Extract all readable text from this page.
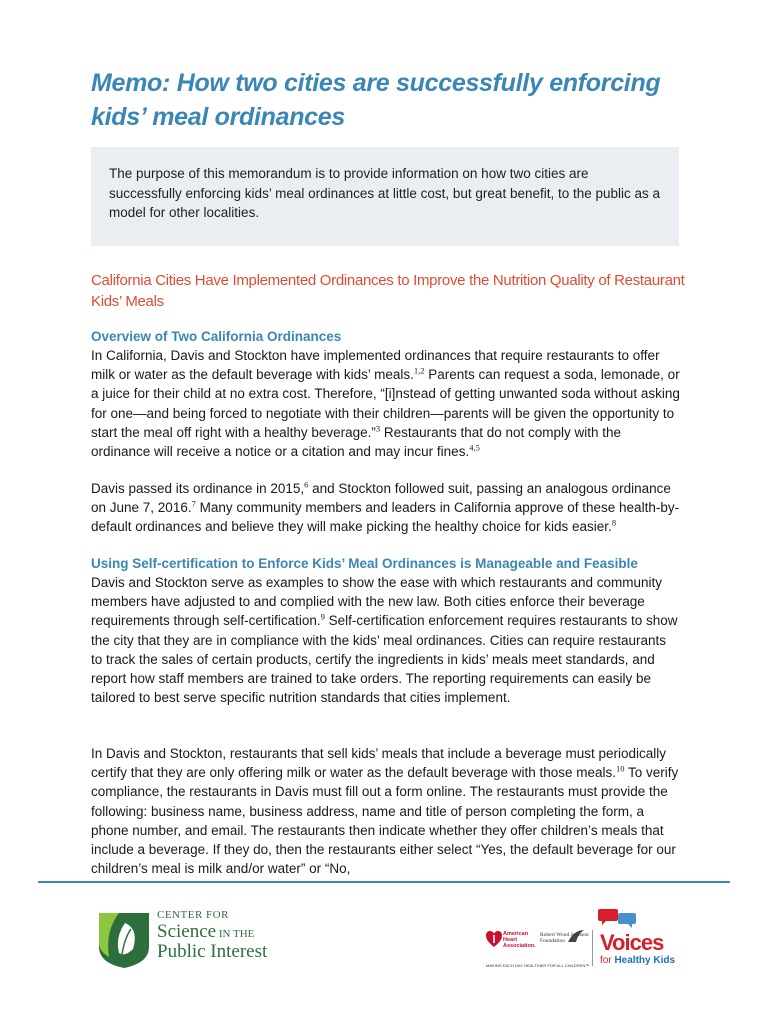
Memo: How two cities are successfully enforcing kids’ meal ordinances

The purpose of this memorandum is to provide information on how two cities are successfully enforcing kids’ meal ordinances at little cost, but great benefit, to the public as a model for other localities.

California Cities Have Implemented Ordinances to Improve the Nutrition Quality of Restaurant Kids’ Meals
Overview of Two California Ordinances

In California, Davis and Stockton have implemented ordinances that require restaurants to offer milk or water as the default beverage with kids’ meals.$^{1,2}$ Parents can request a soda, lemonade, or a juice for their child at no extra cost. Therefore, “[i]nstead of getting unwanted soda without asking for one—and being forced to negotiate with their children—parents will be given the opportunity to start the meal off right with a healthy beverage.”$^3$ Restaurants that do not comply with the ordinance will receive a notice or a citation and may incur fines.$^{4,5}$

Davis passed its ordinance in 2015,$^6$ and Stockton followed suit, passing an analogous ordinance on June 7, 2016.$^7$ Many community members and leaders in California approve of these health-by-default ordinances and believe they will make picking the healthy choice for kids easier.$^8$

Using Self-certification to Enforce Kids’ Meal Ordinances is Manageable and Feasible

Davis and Stockton serve as examples to show the ease with which restaurants and community members have adjusted to and complied with the new law. Both cities enforce their beverage requirements through self-certification.$^9$ Self-certification enforcement requires restaurants to show the city that they are in compliance with the kids’ meal ordinances. Cities can require restaurants to track the sales of certain products, certify the ingredients in kids’ meals meet standards, and report how staff members are trained to take orders. The reporting requirements can easily be tailored to best serve specific nutrition standards that cities implement.

In Davis and Stockton, restaurants that sell kids’ meals that include a beverage must periodically certify that they are only offering milk or water as the default beverage with those meals.$^{10}$ To verify compliance, the restaurants in Davis must fill out a form online. The restaurants must provide the following: business name, business address, name and title of person completing the form, a phone number, and email. The restaurants then indicate whether they offer children’s meals that include a beverage. If they do, then the restaurants either select “Yes, the default beverage for our children’s meal is milk and/or water” or “No,

CENTER FOR
Science IN THE
Public Interest
American
Heart
Association.
MAKING EACH DAY HEALTHIER FOR ALL CHILDREN™
Robert Wood Johnson
Foundation	Voices
for Healthy Kids
